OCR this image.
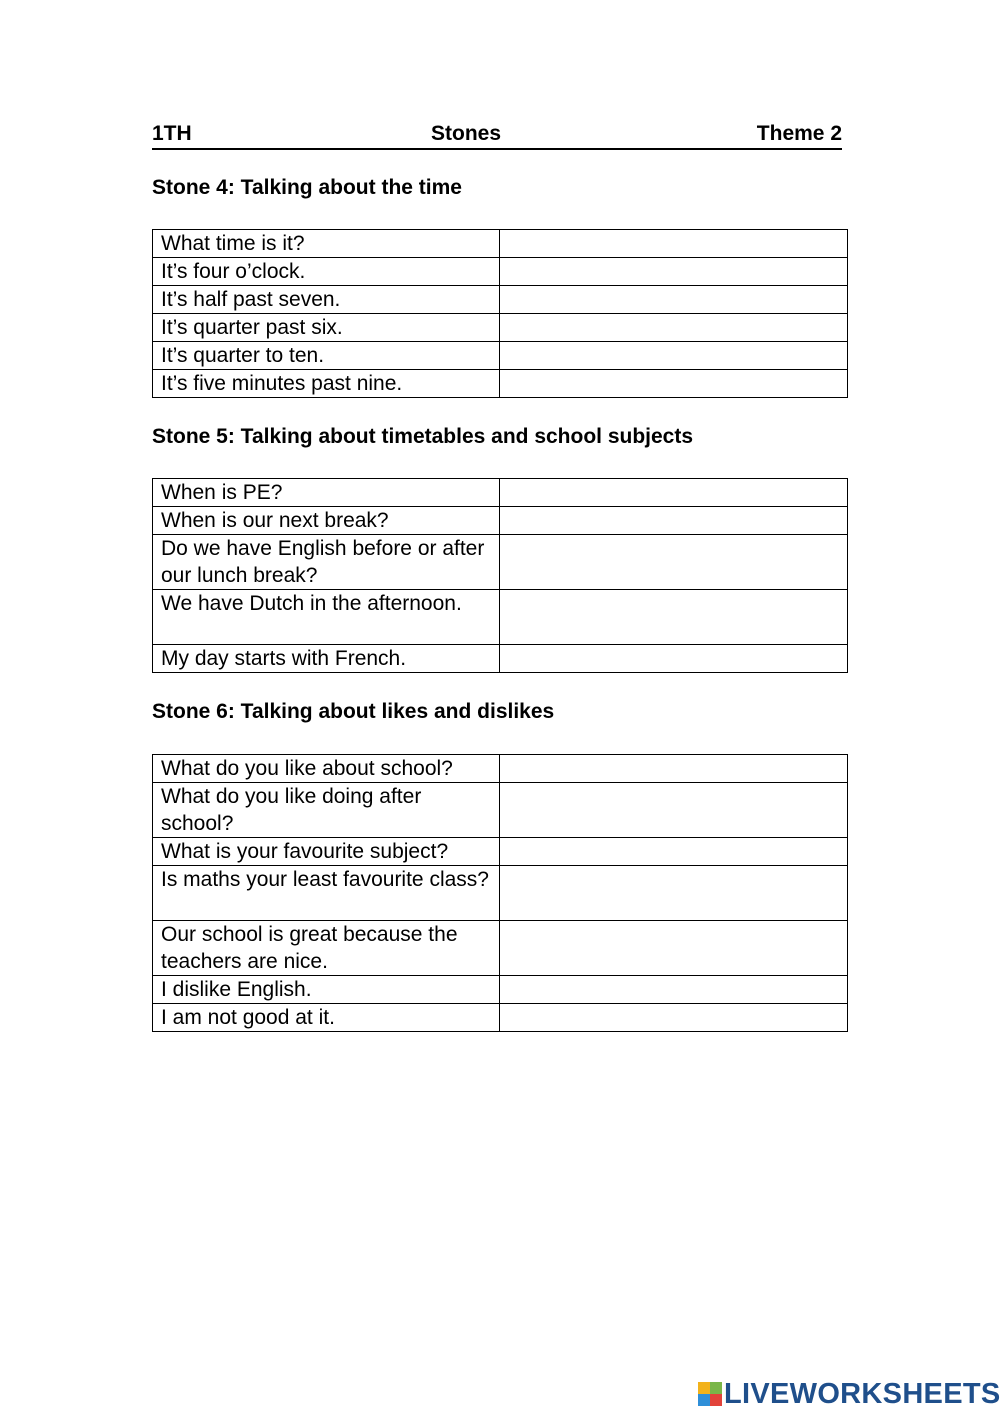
1TH	Stones	Theme 2
Stone 4: Talking about the time
What time is it?	
It’s four o’clock.	
It’s half past seven.	
It’s quarter past six.	
It’s quarter to ten.	
It’s five minutes past nine.	
Stone 5: Talking about timetables and school subjects
When is PE?	
When is our next break?	
Do we have English before or after our lunch break?	
We have Dutch in the afternoon.	
My day starts with French.	
Stone 6: Talking about likes and dislikes
What do you like about school?	
What do you like doing after school?	
What is your favourite subject?	
Is maths your least favourite class?	
Our school is great because the teachers are nice.	
I dislike English.	
I am not good at it.	
LIVEWORKSHEETS
